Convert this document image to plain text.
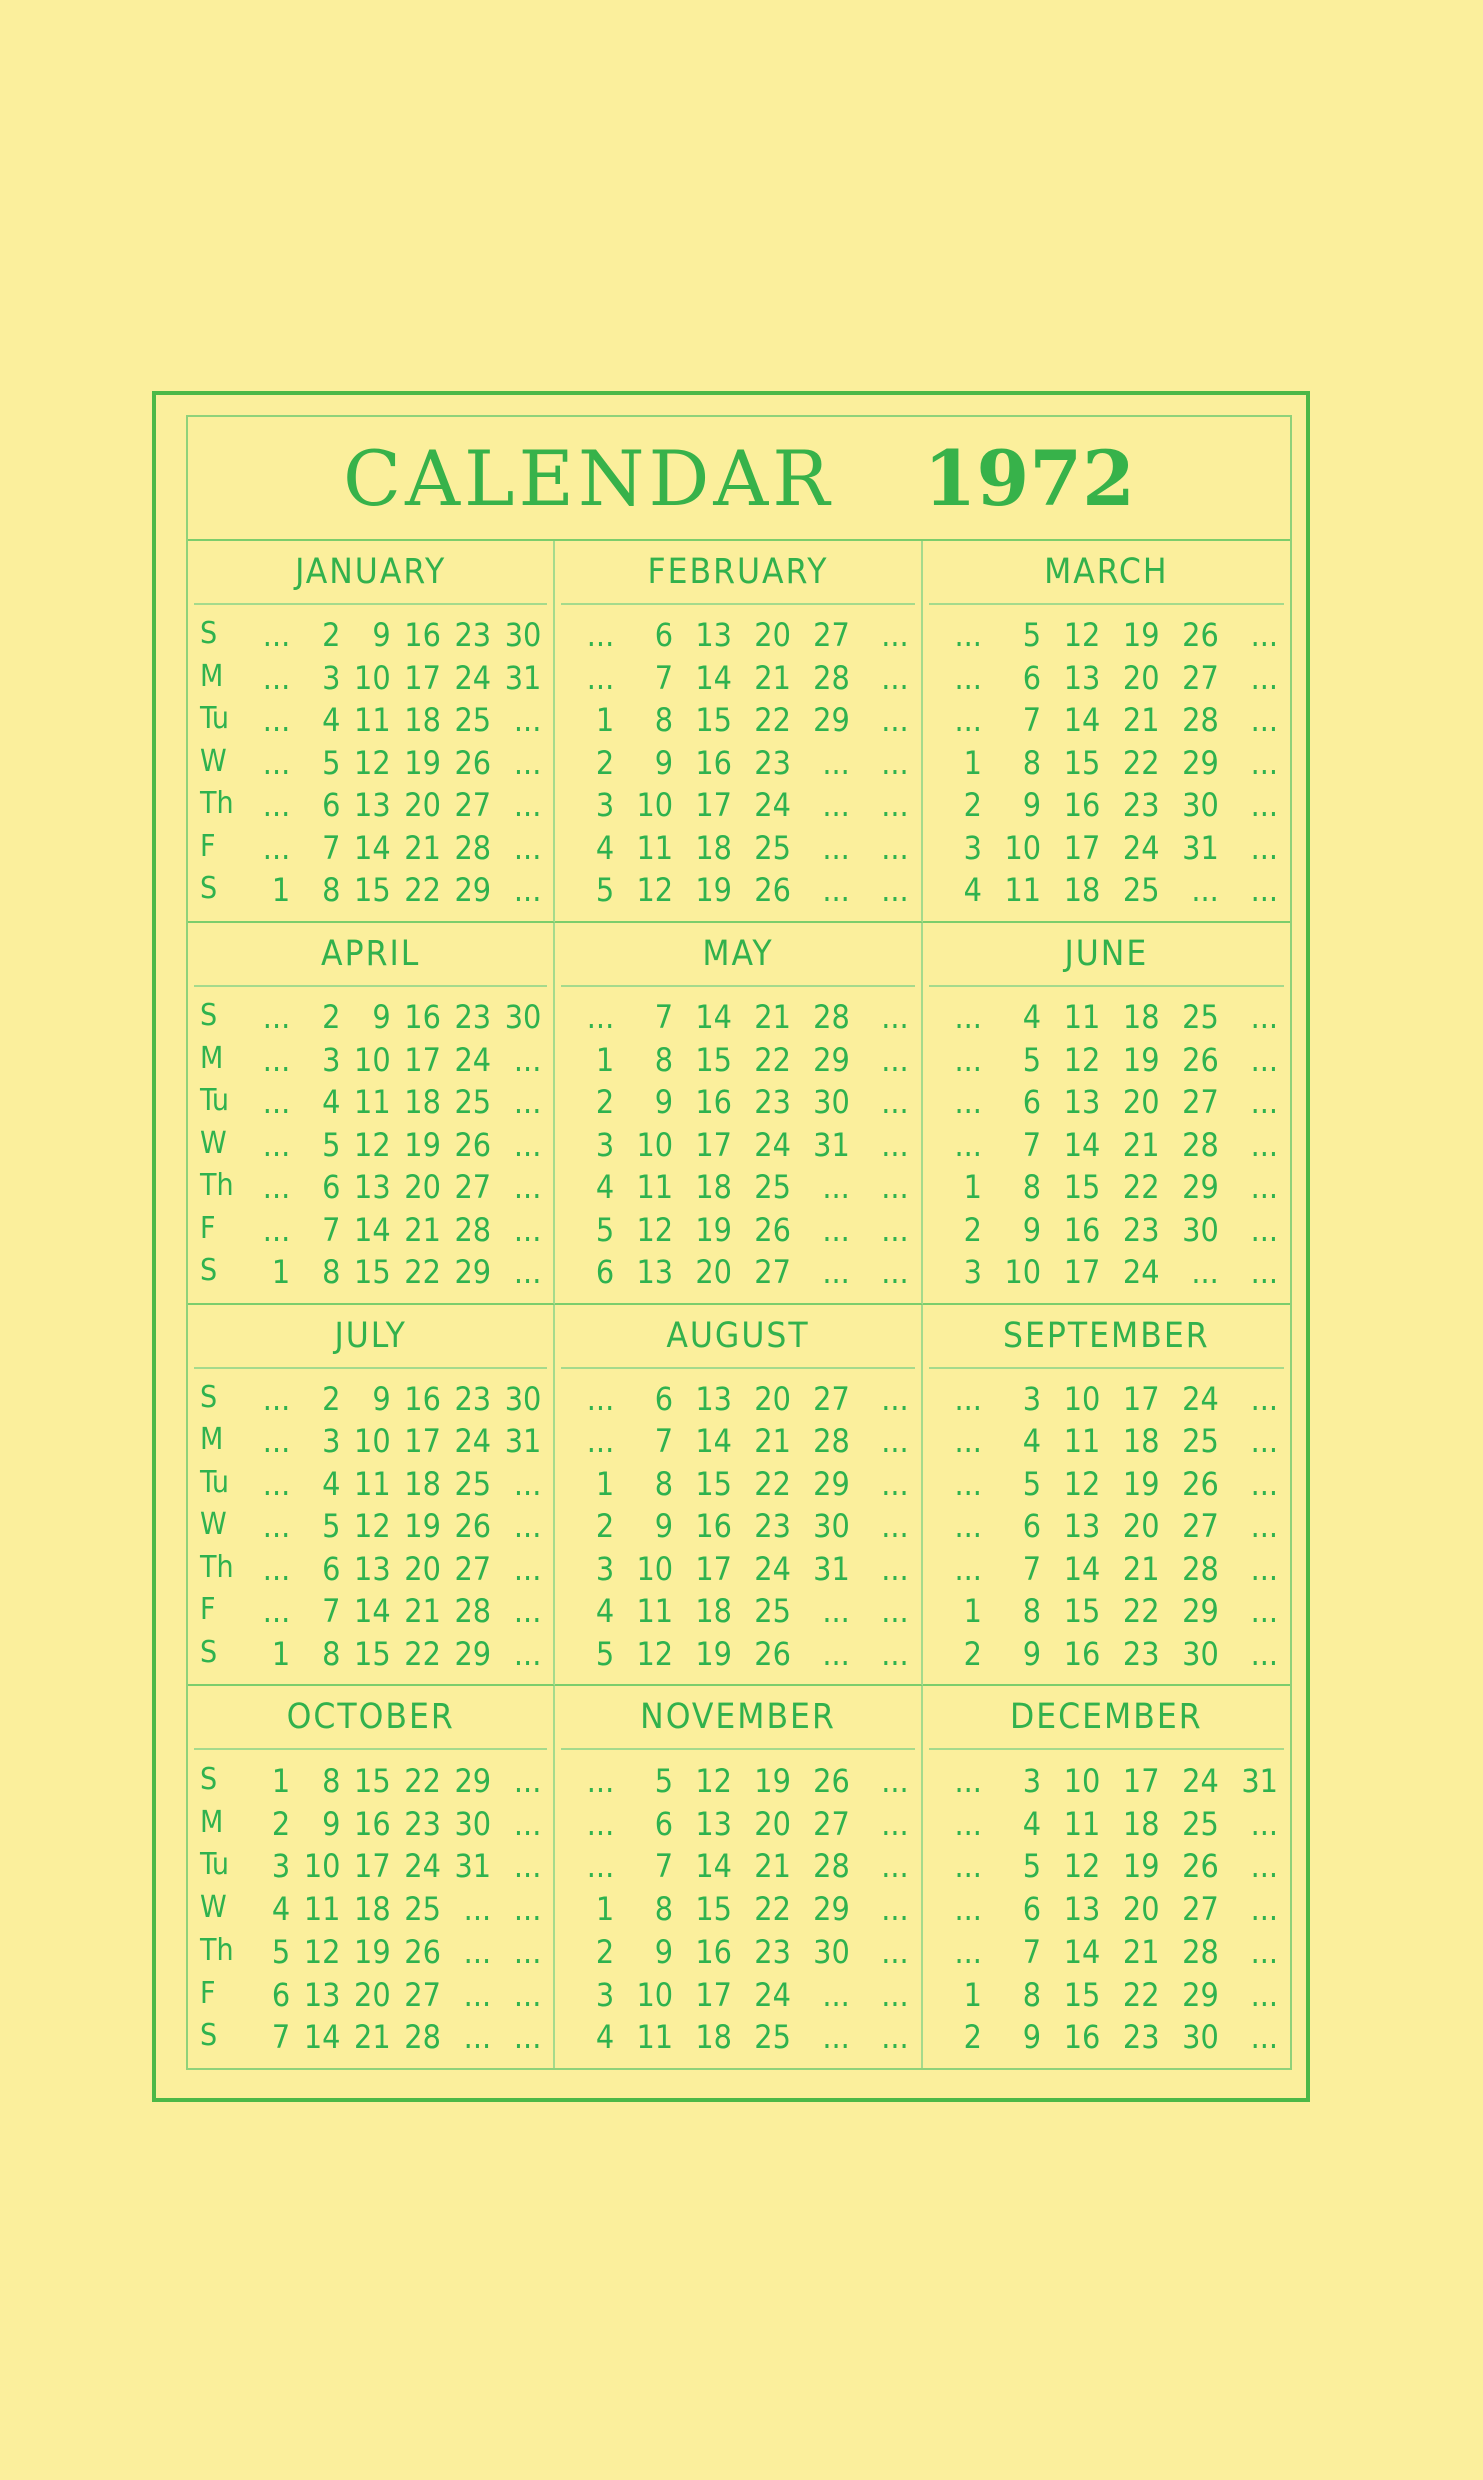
CALENDAR 1972
JANUARY
S	... 2 9 16 23 30
M	... 3 10 17 24 31
Tu	... 4 11 18 25 ...
W	... 5 12 19 26 ...
Th ... 6 13 20 27 ...
F	... 7 14 21 28 ...
S	1 8 15 22 29 ...
FEBRUARY
...	6 13 20 27 ...
...	7 14 21 28 ...
1	8 15 22 29 ...
2	9 16 23 ... ...
3 10 17 24 ... ...
4 11 18 25 ... ...
5 12 19 26 ... ...
MARCH
...	5 12 19 26 ...
...	6 13 20 27 ...
...	7 14 21 28 ...
1	8 15 22 29 ...
2	9 16 23 30 ...
3 10 17 24 31 ...
4 11 18 25 ... ...
APRIL
S	... 2 9 16 23 30
M	... 3 10 17 24 ...
Tu	... 4 11 18 25 ...
W	... 5 12 19 26 ...
Th ... 6 13 20 27 ...
F	... 7 14 21 28 ...
S	1 8 15 22 29 ...
MAY
...	7 14 21 28 ...
1	8 15 22 29 ...
2	9 16 23 30 ...
3 10 17 24 31 ...
4 11 18 25 ... ...
5 12 19 26 ... ...
6 13 20 27 ... ...
JUNE
...	4 11 18 25 ...
...	5 12 19 26 ...
...	6 13 20 27 ...
...	7 14 21 28 ...
1	8 15 22 29 ...
2	9 16 23 30 ...
3 10 17 24 ... ...
JULY
S	... 2 9 16 23 30
M	... 3 10 17 24 31
Tu	... 4 11 18 25 ...
W	... 5 12 19 26 ...
Th ... 6 13 20 27 ...
F	... 7 14 21 28 ...
S	1 8 15 22 29 ...
AUGUST
...	6 13 20 27 ...
...	7 14 21 28 ...
1	8 15 22 29 ...
2	9 16 23 30 ...
3 10 17 24 31 ...
4 11 18 25 ... ...
5 12 19 26 ... ...
SEPTEMBER
...	3 10 17 24 ...
...	4 11 18 25 ...
...	5 12 19 26 ...
...	6 13 20 27 ...
...	7 14 21 28 ...
1	8 15 22 29 ...
2	9 16 23 30 ...
OCTOBER
S	1 8 15 22 29 ...
M	2 9 16 23 30 ...
Tu	3 10 17 24 31 ...
W	4 11 18 25 ... ...
Th	5 12 19 26 ... ...
F	6 13 20 27 ... ...
S	7 14 21 28 ... ...
NOVEMBER
...	5 12 19 26 ...
...	6 13 20 27 ...
...	7 14 21 28 ...
1	8 15 22 29 ...
2	9 16 23 30 ...
3 10 17 24 ... ...
4 11 18 25 ... ...
DECEMBER
...	3 10 17 24 31
...	4 11 18 25 ...
...	5 12 19 26 ...
...	6 13 20 27 ...
...	7 14 21 28 ...
1	8 15 22 29 ...
2	9 16 23 30 ...
